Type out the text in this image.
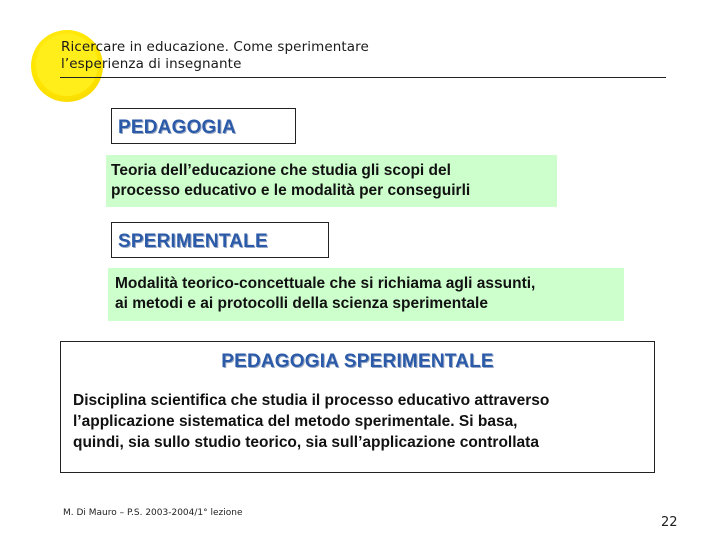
Ricercare in educazione. Come sperimentare
l’esperienza di insegnante
PEDAGOGIA
Teoria dell’educazione che studia gli scopi del
processo educativo e le modalità per conseguirli
SPERIMENTALE
Modalità teorico-concettuale che si richiama agli assunti,
ai metodi e ai protocolli della scienza sperimentale
PEDAGOGIA SPERIMENTALE
Disciplina scientifica che studia il processo educativo attraverso
l’applicazione sistematica del metodo sperimentale. Si basa,
quindi, sia sullo studio teorico, sia sull’applicazione controllata
M. Di Mauro – P.S. 2003-2004/1° lezione
22
